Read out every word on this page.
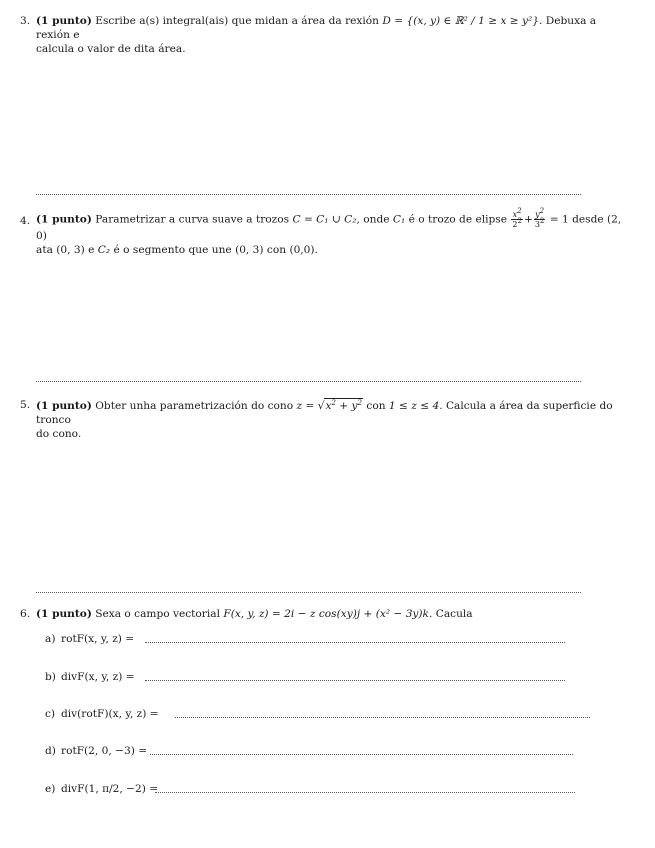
3. (1 punto) Escribe a(s) integral(ais) que midan a área da rexión D = {(x, y) ∈ ℝ² / 1 ≥ x ≥ y²}. Debuxa a rexión e
calcula o valor de dita área.
4. (1 punto) Parametrizar a curva suave a trozos C = C₁ ∪ C₂, onde C₁ é o trozo de elipse $\frac{x^2}{2^2} + \frac{y^2}{3^2} = 1$ desde (2, 0)
ata (0, 3) e C₂ é o segmento que une (0, 3) con (0,0).
5. (1 punto) Obter unha parametrización do cono $z = √x^2 + y^2$ con 1 ≤ z ≤ 4. Calcula a área da superficie do tronco
do cono.
6. (1 punto) Sexa o campo vectorial F(x, y, z) = 2i − z cos(xy)j + (x² − 3y)k. Cacula
a) rotF(x, y, z) =
b) divF(x, y, z) =
c) div(rotF)(x, y, z) =
d) rotF(2, 0, −3) =
e) divF(1, π/2, −2) =
